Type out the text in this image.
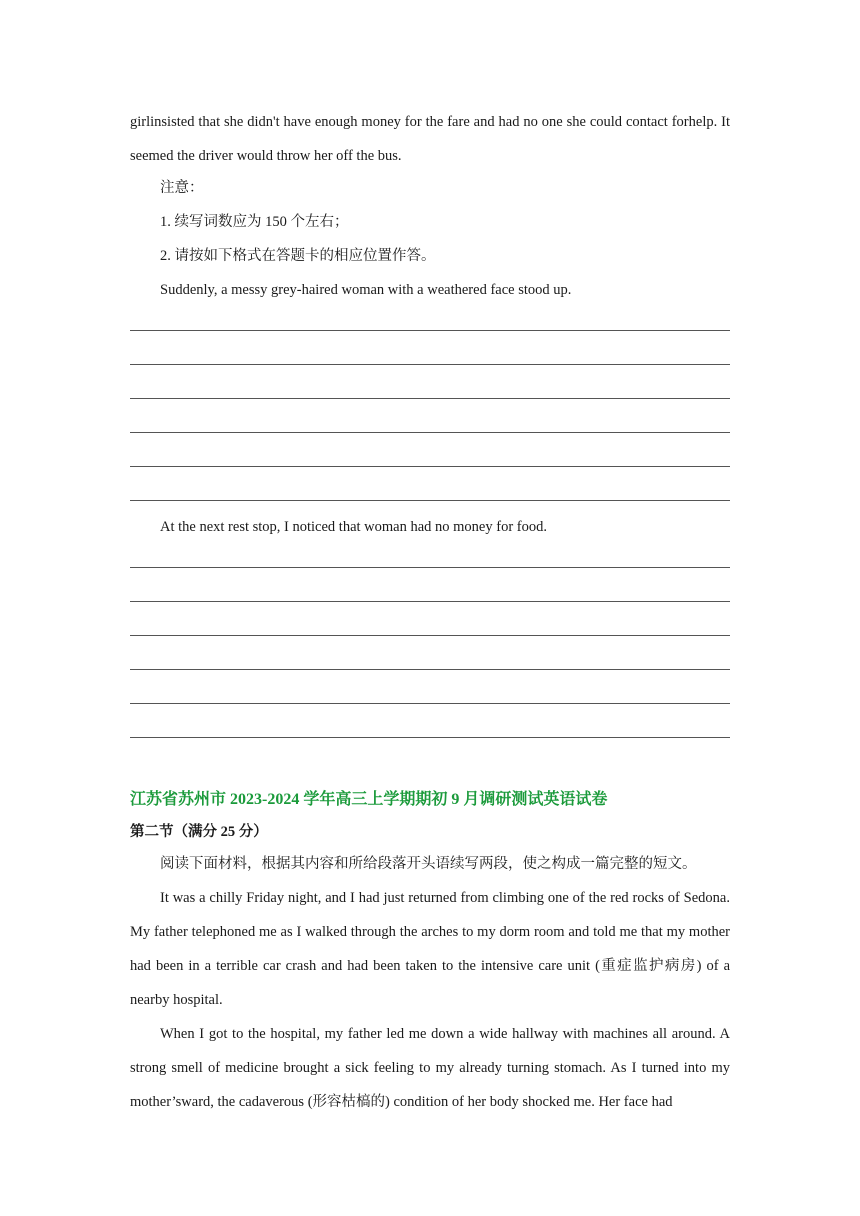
girlinsisted that she didn't have enough money for the fare and had no one she could contact forhelp. It seemed the driver would throw her off the bus.

注意：
1. 续写词数应为 150 个左右；
2. 请按如下格式在答题卡的相应位置作答。
Suddenly, a messy grey-haired woman with a weathered face stood up.
At the next rest stop, I noticed that woman had no money for food.
江苏省苏州市 2023-2024 学年高三上学期期初 9 月调研测试英语试卷
第二节（满分 25 分）
阅读下面材料，根据其内容和所给段落开头语续写两段，使之构成一篇完整的短文。

It was a chilly Friday night, and I had just returned from climbing one of the red rocks of Sedona. My father telephoned me as I walked through the arches to my dorm room and told me that my mother had been in a terrible car crash and had been taken to the intensive care unit (重症监护病房) of a nearby hospital.

When I got to the hospital, my father led me down a wide hallway with machines all around. A strong smell of medicine brought a sick feeling to my already turning stomach. As I turned into my mother’sward, the cadaverous (形容枯槁的) condition of her body shocked me. Her face had
